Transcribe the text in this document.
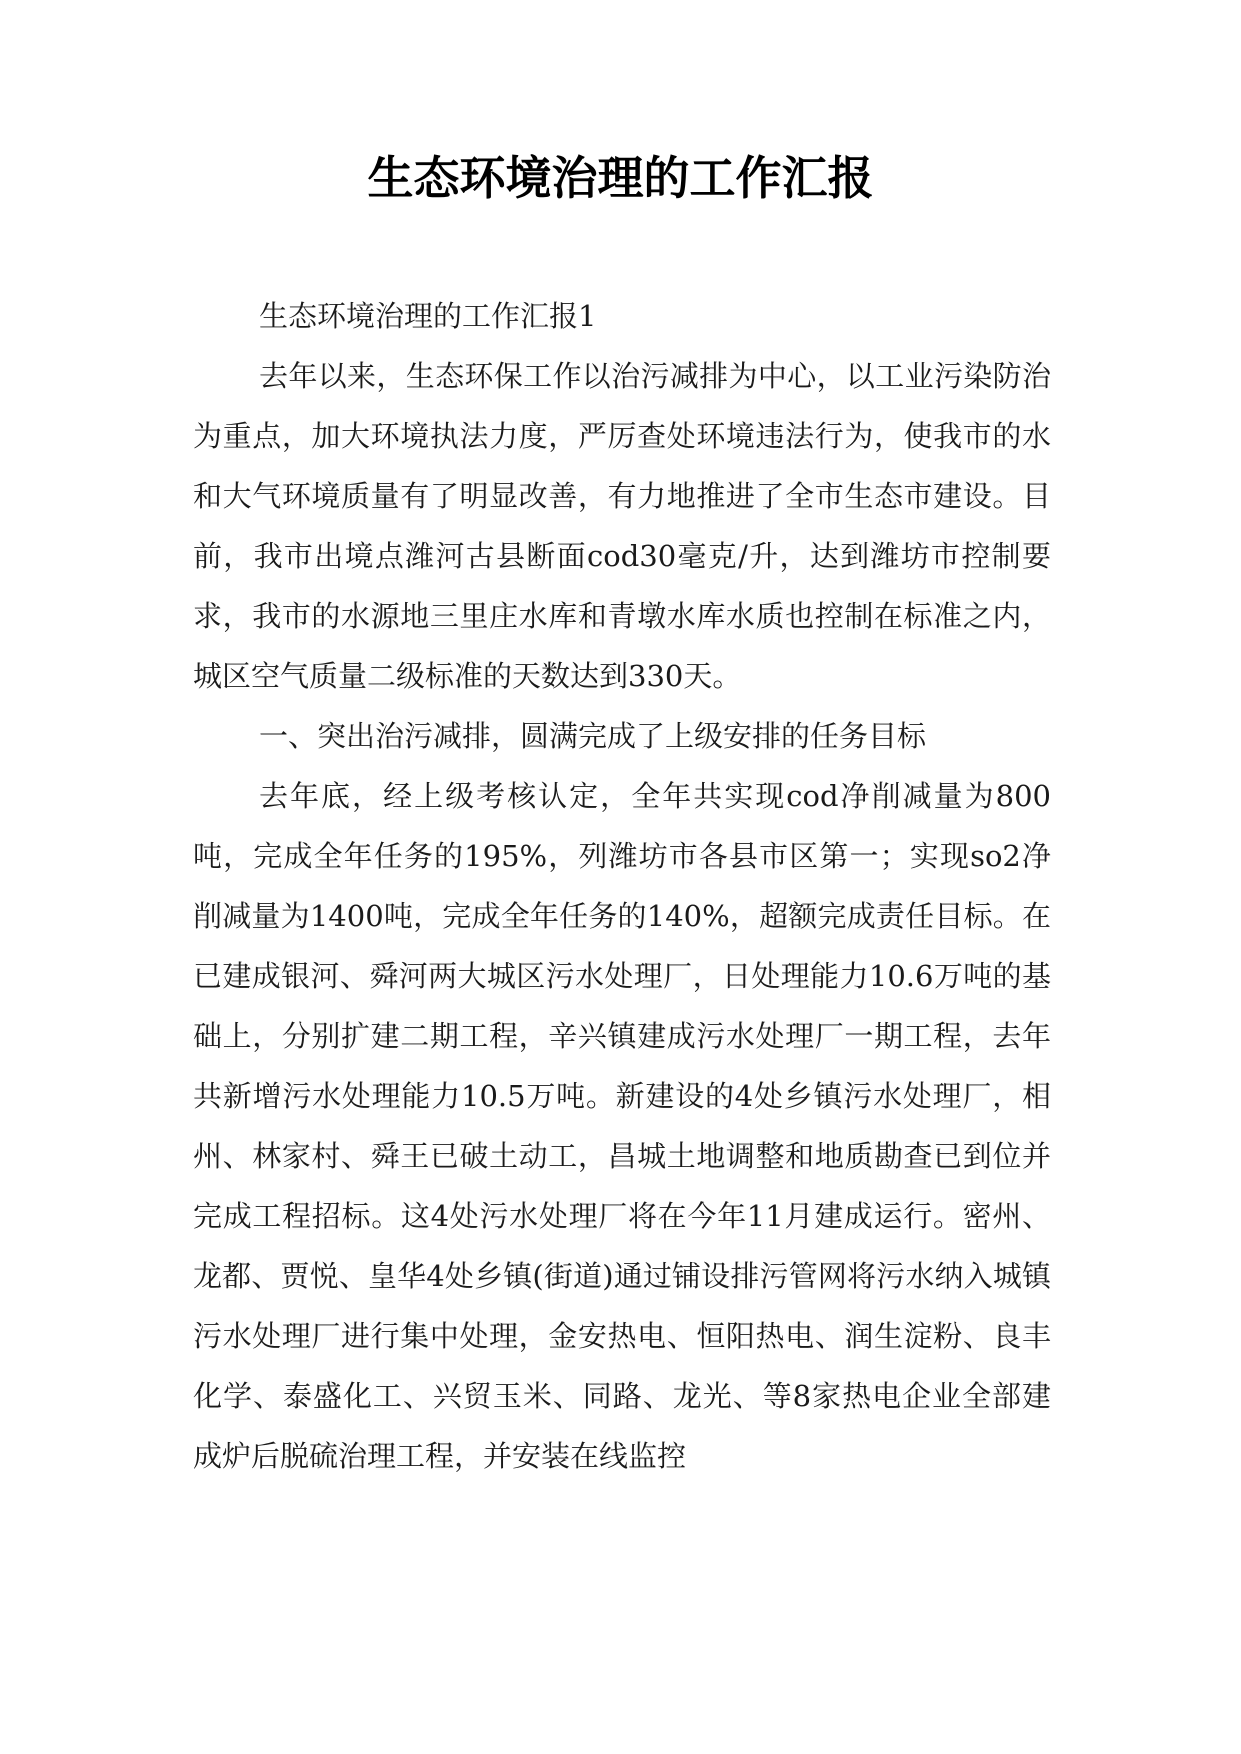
生态环境治理的工作汇报

生态环境治理的工作汇报1

去年以来，生态环保工作以治污减排为中心，以工业污染防治为重点，加大环境执法力度，严厉查处环境违法行为，使我市的水和大气环境质量有了明显改善，有力地推进了全市生态市建设。目前，我市出境点潍河古县断面cod30毫克/升，达到潍坊市控制要求，我市的水源地三里庄水库和青墩水库水质也控制在标准之内，城区空气质量二级标准的天数达到330天。

一、突出治污减排，圆满完成了上级安排的任务目标

去年底，经上级考核认定，全年共实现cod净削减量为800吨，完成全年任务的195%，列潍坊市各县市区第一；实现so2净削减量为1400吨，完成全年任务的140%，超额完成责任目标。在已建成银河、舜河两大城区污水处理厂，日处理能力10.6万吨的基础上，分别扩建二期工程，辛兴镇建成污水处理厂一期工程，去年共新增污水处理能力10.5万吨。新建设的4处乡镇污水处理厂，相州、林家村、舜王已破土动工，昌城土地调整和地质勘查已到位并完成工程招标。这4处污水处理厂将在今年11月建成运行。密州、龙都、贾悦、皇华4处乡镇(街道)通过铺设排污管网将污水纳入城镇污水处理厂进行集中处理，金安热电、恒阳热电、润生淀粉、良丰化学、泰盛化工、兴贸玉米、同路、龙光、等8家热电企业全部建成炉后脱硫治理工程，并安装在线监控
